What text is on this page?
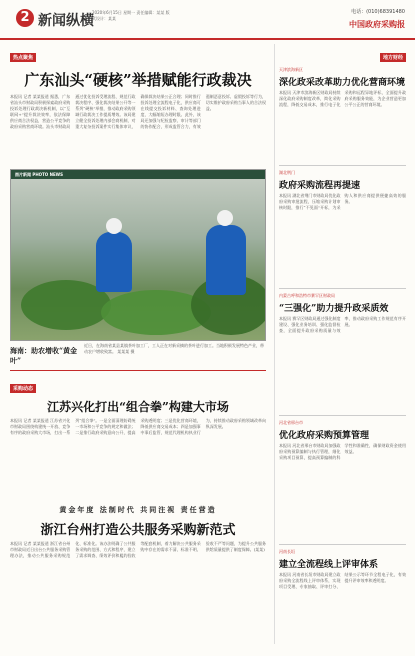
2 新闻纵横
2020年6月15日 星期一 责任编辑：某某 版式设计：某某
电话：(010)68391480
中国政府采购报
热点聚焦
广东汕头“硬核”举措赋能行政裁决
本报讯 记者 某某报道 据悉，广东省汕头市财政局积极探索政府采购投诉处理行政裁决新机制，以“互联网+”提升裁决效率，依法保障供应商合法权益，营造公平竞争的政府采购营商环境。汕头市财政局通过优化投诉受理流程、规范行政裁决程序、强化裁决结果公开等一系列“硬核”举措，推动政府采购领域行政裁决工作提质增效。该局建立健全投诉处理内部会商机制，对重大复杂投诉案件实行集体审议，确保裁决结果公正合理；同时推行投诉处理全流程电子化，供应商可在线提交投诉材料、查询处理进度，大幅缩短办理时限。此外，该局还加强与纪检监察、审计等部门的协作配合，形成监管合力，有效遏制恶意投诉、虚假投诉等行为，切实维护政府采购当事人的合法权益。
图片新闻 PHOTO NEWS
海南：助农增收“黄金叶”
近日，在海南省某县某镇茶叶加工厂，工人正在对新采摘的茶叶进行加工。当地积极发展特色产业，带动农户增收致富。 某某某 摄
采购动态
江苏兴化打出“组合拳”构建大市场
本报讯 记者 某某报道 江苏省兴化市财政局围绕构建统一开放、竞争有序的政府采购大市场，打出一系列“组合拳”。一是全面清理妨碍统一市场和公平竞争的规定和做法；二是推行政府采购意向公开，提高采购透明度；三是优化营商环境，降低供应商交易成本；四是加强事中事后监管，规范代理机构执业行为，持续推动政府采购领域改革向纵深发展。
黄金年度 法制时代 共同注视 责任营造
浙江台州打造公共服务采购新范式
本报讯 记者 某某报道 浙江省台州市财政局近日出台公共服务采购管理办法，推动公共服务采购规范化、标准化。该办法明确了公共服务采购的范围、方式和程序，建立了需求调查、绩效评价和履约验收等配套机制，着力解决公共服务采购中存在的需求不清、标准不明、验收不严等问题，为提升公共服务供给质量提供了制度保障。(某某)
地方财经
天津滨海新区
深化政采改革助力优化营商环境
本报讯 天津市滨海新区财政局持续深化政府采购制度改革，简化采购流程，降低交易成本，推行电子化采购和远程异地评标，全面提升政府采购服务效能，为企业营造更加公平公正的营商环境。
湖北荆门
政府采购流程再提速
本报讯 湖北省荆门市财政局优化政府采购审批流程，压缩采购计划审核时限，推行“不见面”开标，为采购人和供应商提供便捷高效的服务。
内蒙古呼和浩特市赛罕区财政局
“三强化”助力提升政采质效
本报讯 赛罕区财政局通过强化制度建设、强化业务培训、强化监督检查，全面提升政府采购质量与效率，推动政府采购工作规范有序开展。
河北省邢台市
优化政府采购预算管理
本报讯 河北省邢台市财政局加强政府采购预算编制与执行管理，细化采购项目预算，提高预算编制的科学性和准确性，确保财政资金使用效益。
河南长垣
建立全流程线上评审体系
本报讯 河南省长垣市财政局建立政府采购全流程线上评审体系，实现项目受理、专家抽取、评审打分、结果公示等环节全程电子化，有效提升评审效率和透明度。
